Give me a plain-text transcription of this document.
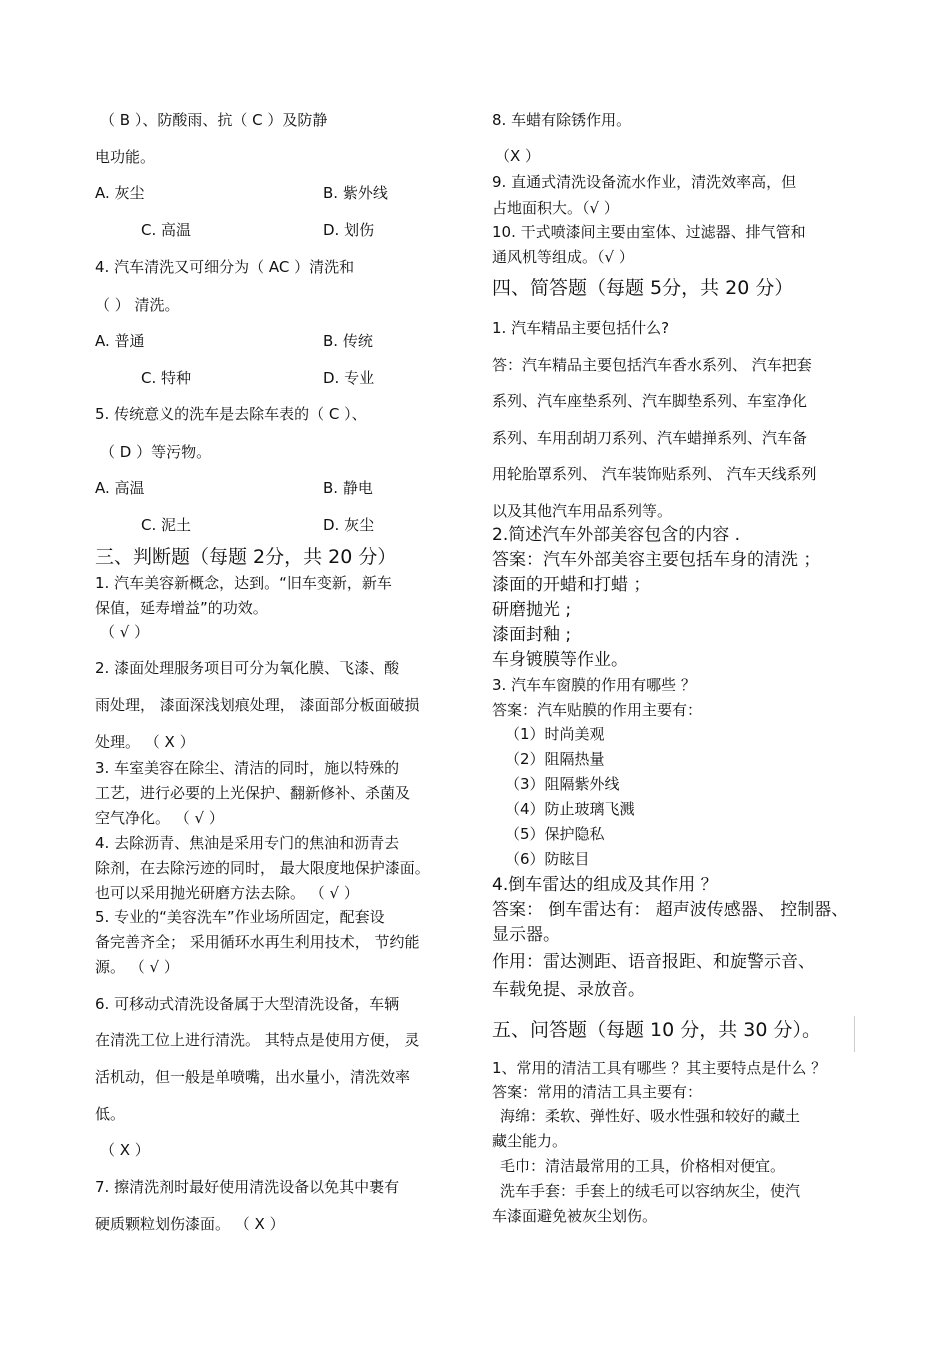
（ B ）、防酸雨、抗（ C ）及防静
电功能。
A. 灰尘	B. 紫外线
C. 高温	D. 划伤
4. 汽车清洗又可细分为（ AC ）清洗和
（ ） 清洗。
A. 普通	B. 传统
C. 特种	D. 专业
5. 传统意义的洗车是去除车表的（ C ）、
（ D ）等污物。
A. 高温	B. 静电
C. 泥土	D. 灰尘
三、判断题（每题 2分，共 20 分）
1. 汽车美容新概念，达到。“旧车变新，新车
保值，延寿增益”的功效。
（ √ ）
2. 漆面处理服务项目可分为氧化膜、飞漆、酸
雨处理， 漆面深浅划痕处理， 漆面部分板面破损
处理。 （ X ）
3. 车室美容在除尘、清洁的同时，施以特殊的
工艺，进行必要的上光保护、翻新修补、杀菌及
空气净化。 （ √ ）
4. 去除沥青、焦油是采用专门的焦油和沥青去
除剂，在去除污迹的同时， 最大限度地保护漆面。
也可以采用抛光研磨方法去除。 （ √ ）
5. 专业的“美容洗车”作业场所固定，配套设
备完善齐全； 采用循环水再生利用技术， 节约能
源。 （ √ ）
6. 可移动式清洗设备属于大型清洗设备，车辆
在清洗工位上进行清洗。 其特点是使用方便， 灵
活机动，但一般是单喷嘴，出水量小，清洗效率
低。
（ X ）
7. 擦清洗剂时最好使用清洗设备以免其中裹有
硬质颗粒划伤漆面。 （ X ）
8. 车蜡有除锈作用。
（X ）
9. 直通式清洗设备流水作业，清洗效率高，但
占地面积大。（√ ）
10. 干式喷漆间主要由室体、过滤器、排气管和
通风机等组成。（√ ）
四、简答题（每题 5分，共 20 分）
1. 汽车精品主要包括什么?
答：汽车精品主要包括汽车香水系列、 汽车把套
系列、汽车座垫系列、汽车脚垫系列、车室净化
系列、车用刮胡刀系列、汽车蜡掸系列、汽车备
用轮胎罩系列、 汽车装饰贴系列、 汽车天线系列
以及其他汽车用品系列等。
2.简述汽车外部美容包含的内容 .
答案：汽车外部美容主要包括车身的清洗 ；
漆面的开蜡和打蜡 ；
研磨抛光 ;
漆面封釉 ;
车身镀膜等作业。
3. 汽车车窗膜的作用有哪些 ？
答案：汽车贴膜的作用主要有：
（1）时尚美观
（2）阻隔热量
（3）阻隔紫外线
（4）防止玻璃飞溅
（5）保护隐私
（6）防眩目
4.倒车雷达的组成及其作用 ？
答案： 倒车雷达有： 超声波传感器、 控制器、
显示器。
作用：雷达测距、语音报距、和旋警示音、
车载免提、录放音。
五、问答题（每题 10 分，共 30 分）。
1、常用的清洁工具有哪些 ？其主要特点是什么 ？
答案：常用的清洁工具主要有：
海绵：柔软、弹性好、吸水性强和较好的藏土
藏尘能力。
毛巾：清洁最常用的工具，价格相对便宜。
洗车手套：手套上的绒毛可以容纳灰尘，使汽
车漆面避免被灰尘划伤。
